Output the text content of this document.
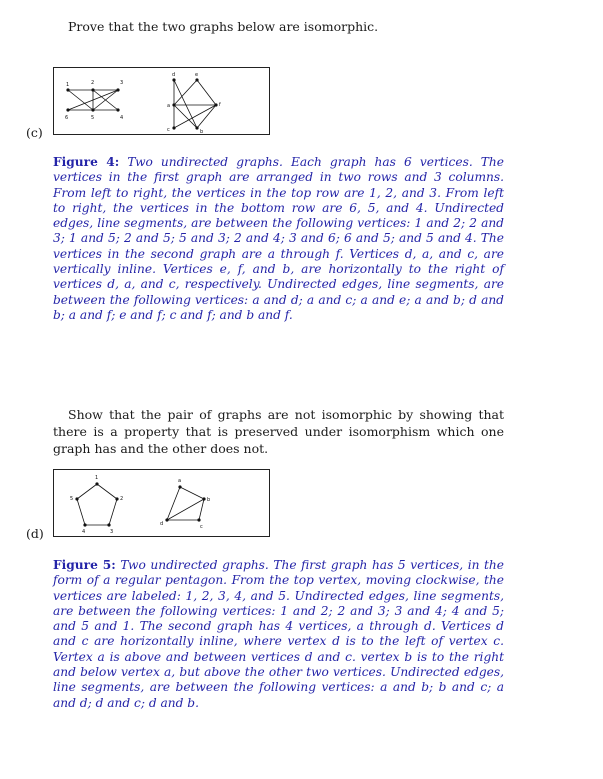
Prove that the two graphs below are isomorphic.
1	2	3
6	5	4
d	e
a	f
c	b
(c)
Figure 4: Two undirected graphs. Each graph has 6 vertices. The vertices in the first graph are arranged in two rows and 3 columns. From left to right, the vertices in the top row are 1, 2, and 3. From left to right, the vertices in the bottom row are 6, 5, and 4. Undirected edges, line segments, are between the following vertices: 1 and 2; 2 and 3; 1 and 5; 2 and 5; 5 and 3; 2 and 4; 3 and 6; 6 and 5; and 5 and 4. The vertices in the second graph are a through f. Vertices d, a, and c, are vertically inline. Vertices e, f, and b, are horizontally to the right of vertices d, a, and c, respectively. Undirected edges, line segments, are between the following vertices: a and d; a and c; a and e; a and b; d and b; a and f; e and f; c and f; and b and f.
Show that the pair of graphs are not isomorphic by showing that there is a property that is preserved under isomorphism which one graph has and the other does not.
1
2
3
4
5
a
b
c
d
(d)
Figure 5: Two undirected graphs. The first graph has 5 vertices, in the form of a regular pentagon. From the top vertex, moving clockwise, the vertices are labeled: 1, 2, 3, 4, and 5. Undirected edges, line segments, are between the following vertices: 1 and 2; 2 and 3; 3 and 4; 4 and 5; and 5 and 1. The second graph has 4 vertices, a through d. Vertices d and c are horizontally inline, where vertex d is to the left of vertex c. Vertex a is above and between vertices d and c. vertex b is to the right and below vertex a, but above the other two vertices. Undirected edges, line segments, are between the following vertices: a and b; b and c; a and d; d and c; d and b.
